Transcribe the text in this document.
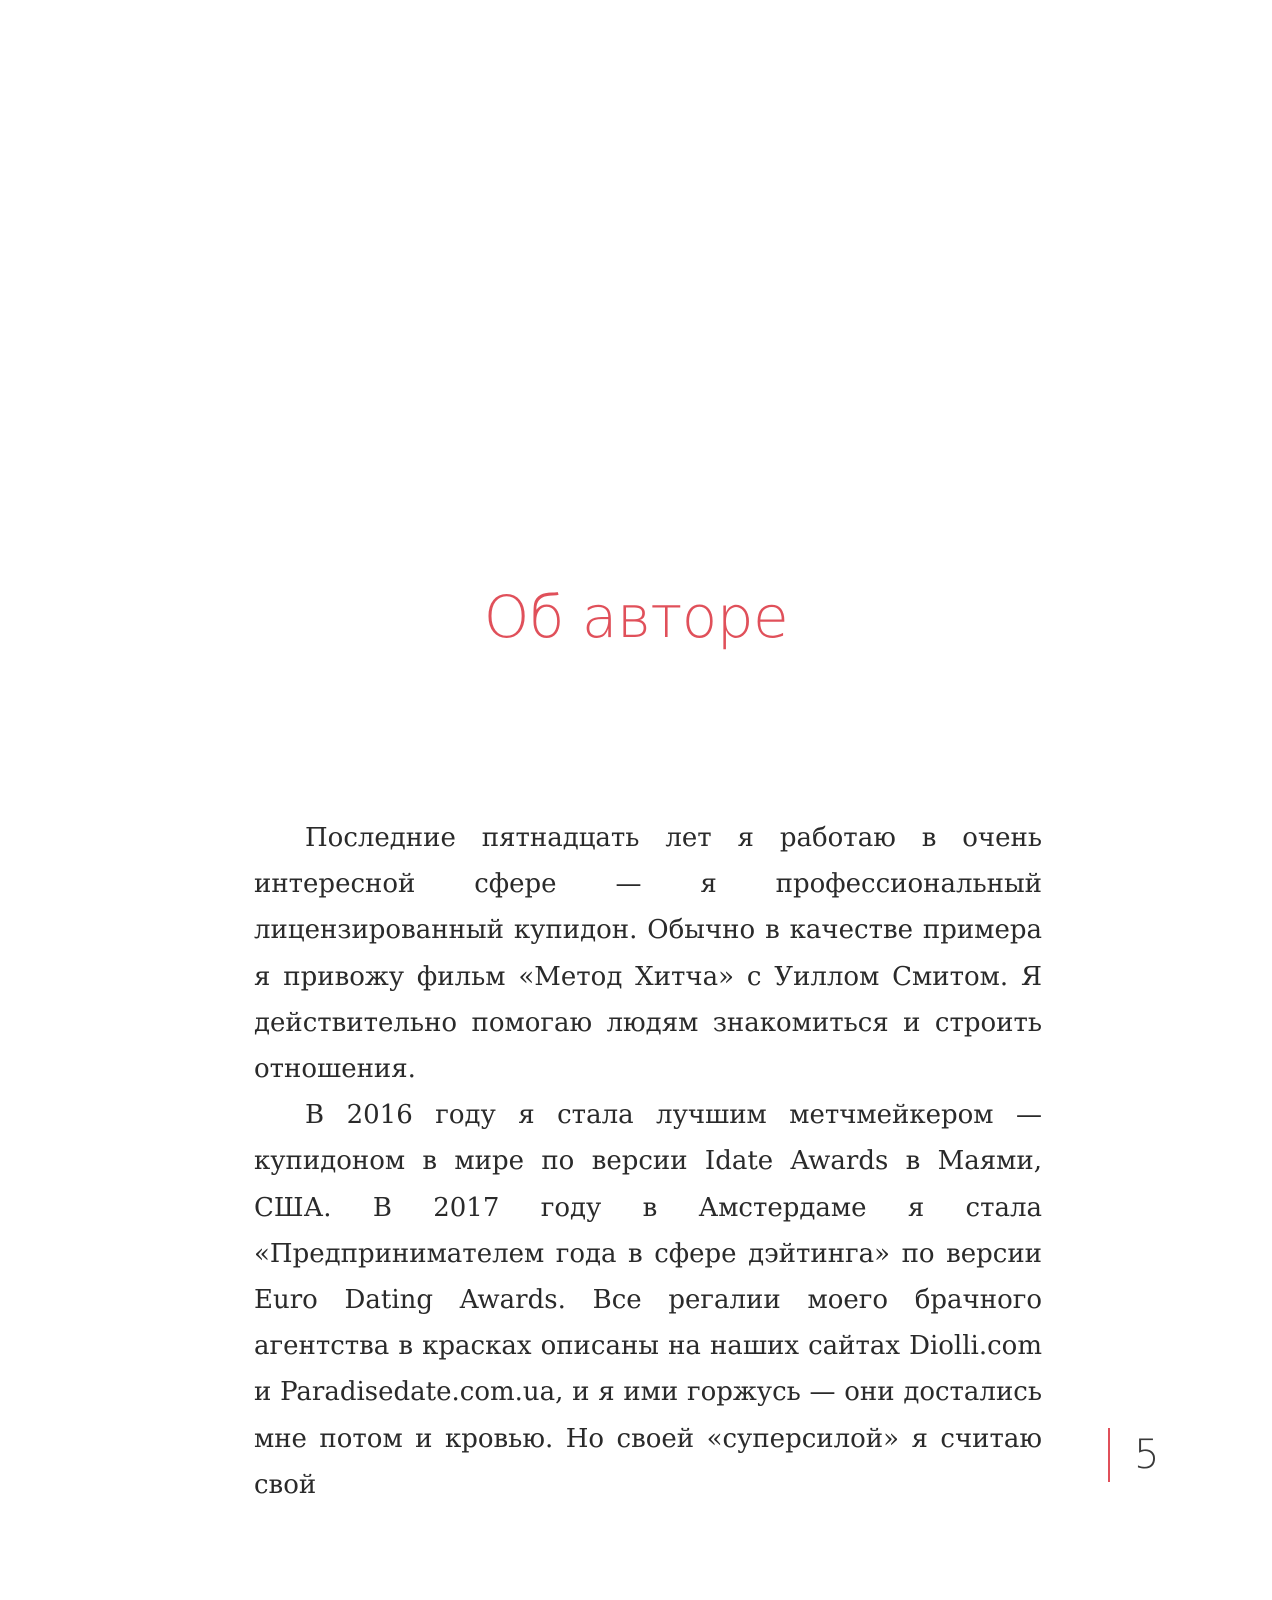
Об авторе

Последние пятнадцать лет я работаю в очень интересной сфере — я профессиональный лицензированный купидон. Обычно в качестве примера я привожу фильм «Метод Хитча» с Уиллом Смитом. Я действительно помогаю людям знакомиться и строить отношения.

В 2016 году я стала лучшим метчмейкером — купидоном в мире по версии Idate Awards в Маями, США. В 2017 году в Амстердаме я стала «Предпринимателем года в сфере дэйтинга» по версии Euro Dating Awards. Все регалии моего брачного агентства в красках описаны на наших сайтах Diolli.com и Paradisedate.com.ua, и я ими горжусь — они достались мне потом и кровью. Но своей «суперсилой» я считаю свой

5
